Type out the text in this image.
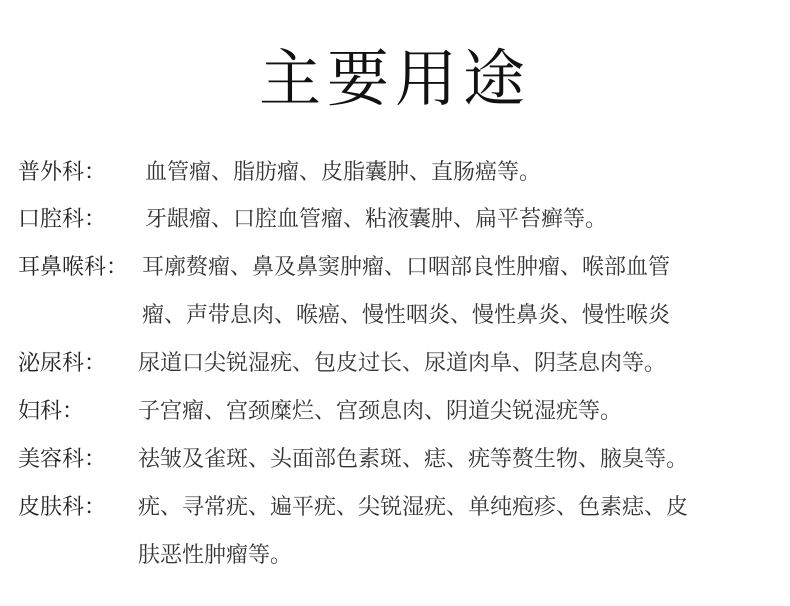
主要用途
普外科： 血管瘤、脂肪瘤、皮脂囊肿、直肠癌等。
口腔科： 牙龈瘤、口腔血管瘤、粘液囊肿、扁平苔癣等。
耳鼻喉科： 耳廓赘瘤、鼻及鼻窦肿瘤、口咽部良性肿瘤、喉部血管
瘤、声带息肉、喉癌、慢性咽炎、慢性鼻炎、慢性喉炎
泌尿科： 尿道口尖锐湿疣、包皮过长、尿道肉阜、阴茎息肉等。
妇科： 子宫瘤、宫颈糜烂、宫颈息肉、阴道尖锐湿疣等。
美容科： 祛皱及雀斑、头面部色素斑、痣、疣等赘生物、腋臭等。
皮肤科： 疣、寻常疣、遍平疣、尖锐湿疣、单纯疱疹、色素痣、皮
肤恶性肿瘤等。
